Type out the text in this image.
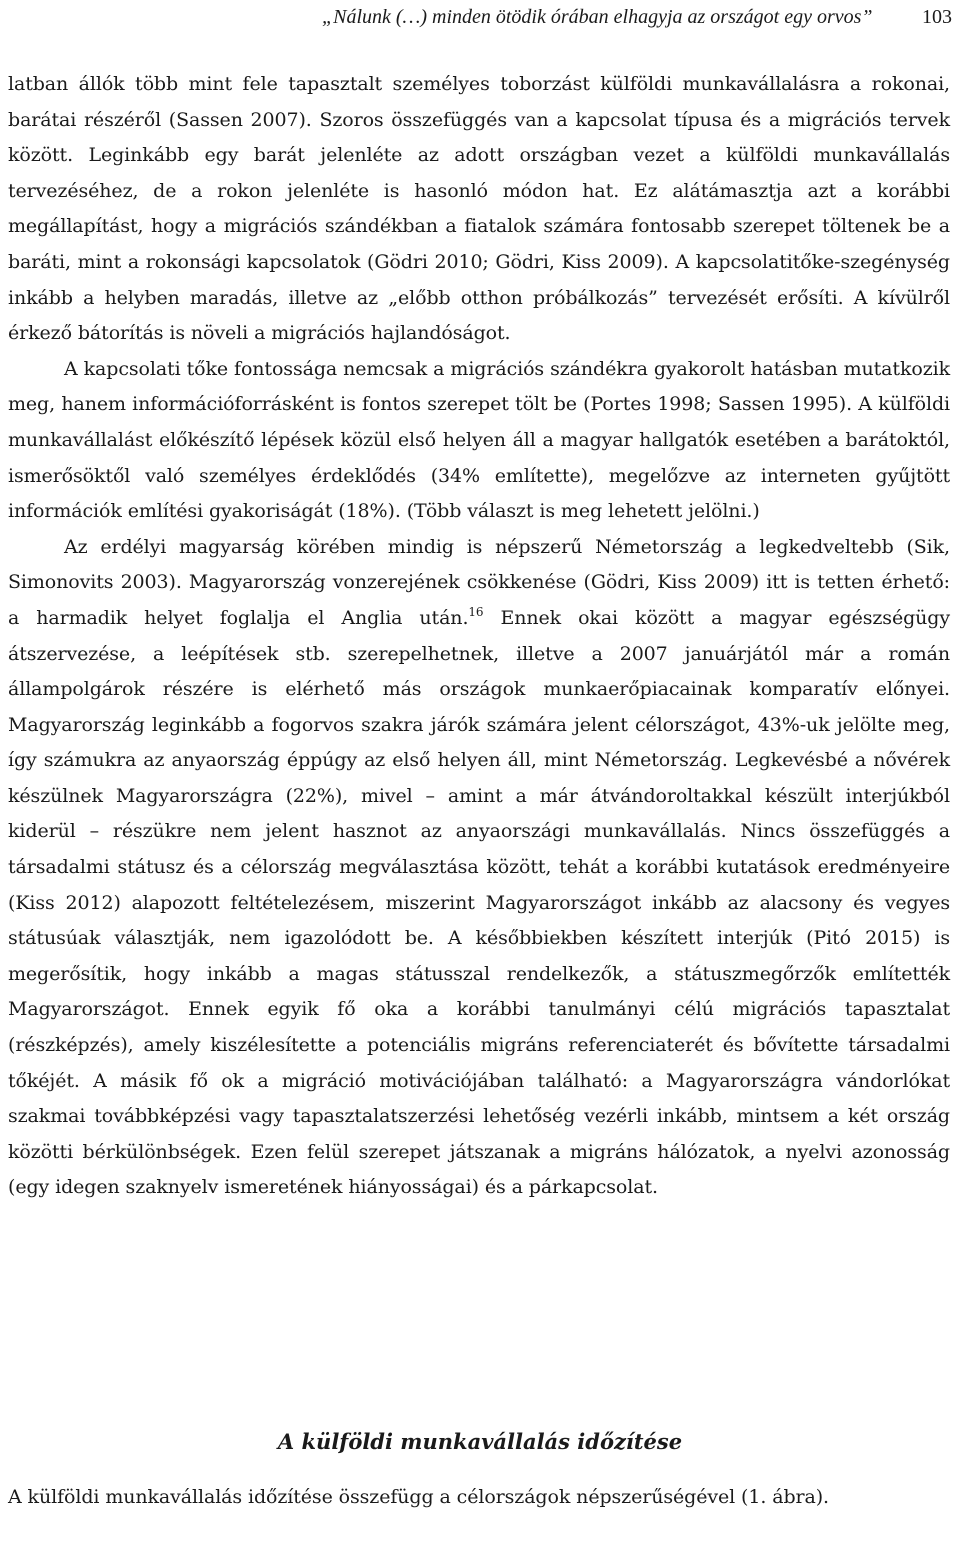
„Nálunk (…) minden ötödik órában elhagyja az országot egy orvos” 103

latban állók több mint fele tapasztalt személyes toborzást külföldi munkavállalásra a rokonai, barátai részéről (Sassen 2007). Szoros összefüggés van a kapcsolat típusa és a migrációs tervek között. Leginkább egy barát jelenléte az adott országban vezet a külföldi munkavállalás tervezéséhez, de a rokon jelenléte is hasonló módon hat. Ez alátámasztja azt a korábbi megállapítást, hogy a migrációs szándékban a fiatalok számára fontosabb szerepet töltenek be a baráti, mint a rokonsági kapcsolatok (Gödri 2010; Gödri, Kiss 2009). A kapcsolatitőke-szegénység inkább a helyben maradás, illetve az „előbb otthon próbálkozás” tervezését erősíti. A kívülről érkező bátorítás is növeli a migrációs hajlandóságot.

A kapcsolati tőke fontossága nemcsak a migrációs szándékra gyakorolt hatásban mutatkozik meg, hanem információforrásként is fontos szerepet tölt be (Portes 1998; Sassen 1995). A külföldi munkavállalást előkészítő lépések közül első helyen áll a magyar hallgatók esetében a barátoktól, ismerősöktől való személyes érdeklődés (34% említette), megelőzve az interneten gyűjtött információk említési gyakoriságát (18%). (Több választ is meg lehetett jelölni.)

Az erdélyi magyarság körében mindig is népszerű Németország a legkedveltebb (Sik, Simonovits 2003). Magyarország vonzerejének csökkenése (Gödri, Kiss 2009) itt is tetten érhető: a harmadik helyet foglalja el Anglia után.$^{16}$ Ennek okai között a magyar egészségügy átszervezése, a leépítések stb. szerepelhetnek, illetve a 2007 januárjától már a román állampolgárok részére is elérhető más országok munkaerőpiacainak komparatív előnyei. Magyarország leginkább a fogorvos szakra járók számára jelent célországot, 43%-uk jelölte meg, így számukra az anyaország éppúgy az első helyen áll, mint Németország. Legkevésbé a nővérek készülnek Magyarországra (22%), mivel – amint a már átvándoroltakkal készült interjúkból kiderül – részükre nem jelent hasznot az anyaországi munkavállalás. Nincs összefüggés a társadalmi státusz és a célország megválasztása között, tehát a korábbi kutatások eredményeire (Kiss 2012) alapozott feltételezésem, miszerint Magyarországot inkább az alacsony és vegyes státusúak választják, nem igazolódott be. A későbbiekben készített interjúk (Pitó 2015) is megerősítik, hogy inkább a magas státusszal rendelkezők, a státuszmegőrzők említették Magyarországot. Ennek egyik fő oka a korábbi tanulmányi célú migrációs tapasztalat (részképzés), amely kiszélesítette a potenciális migráns referenciaterét és bővítette társadalmi tőkéjét. A másik fő ok a migráció motivációjában található: a Magyarországra vándorlókat szakmai továbbképzési vagy tapasztalatszerzési lehetőség vezérli inkább, mintsem a két ország közötti bérkülönbségek. Ezen felül szerepet játszanak a migráns hálózatok, a nyelvi azonosság (egy idegen szaknyelv ismeretének hiányosságai) és a párkapcsolat.

A külföldi munkavállalás időzítése

A külföldi munkavállalás időzítése összefügg a célországok népszerűségével (1. ábra).
